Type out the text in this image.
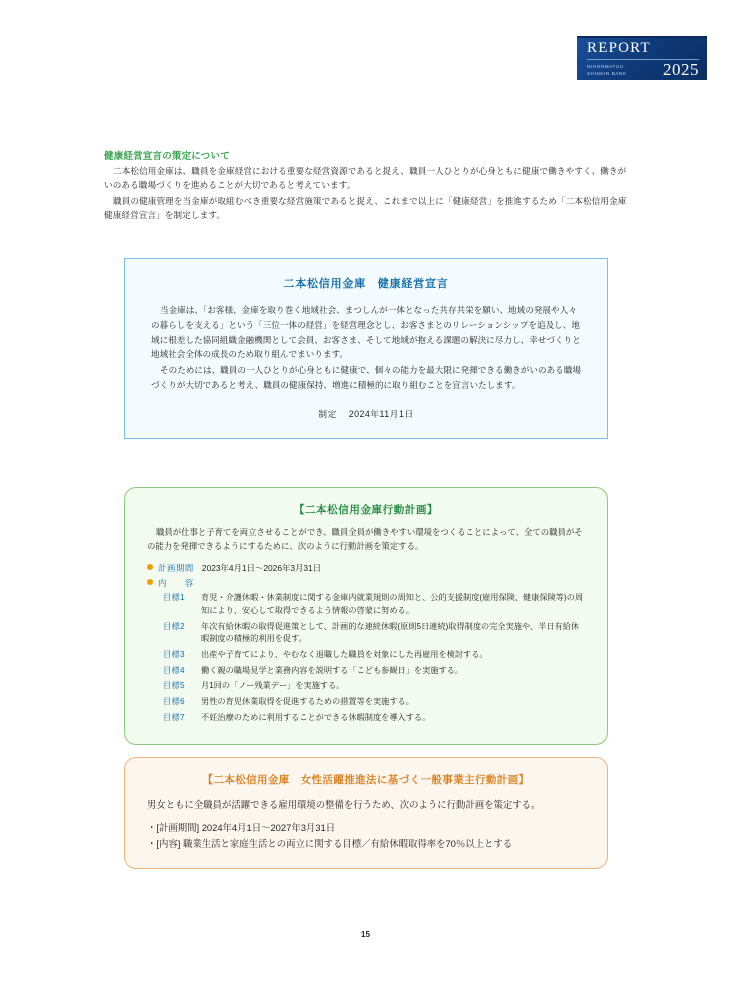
REPORT
NIHONMATSU
SHINKIN BANK 2025
健康経営宣言の策定について

二本松信用金庫は、職員を金庫経営における重要な経営資源であると捉え、職員一人ひとりが心身ともに健康で働きやすく、働きがいのある職場づくりを進めることが大切であると考えています。

職員の健康管理を当金庫が取組むべき重要な経営施策であると捉え、これまで以上に「健康経営」を推進するため「二本松信用金庫　健康経営宣言」を制定します。

二本松信用金庫　健康経営宣言

当金庫は、「お客様、金庫を取り巻く地域社会、まつしんが一体となった共存共栄を願い、地域の発展や人々の暮らしを支える」という「三位一体の経営」を経営理念とし、お客さまとのリレーションシップを追及し、地域に根差した協同組織金融機関として会員、お客さま、そして地域が抱える課題の解決に尽力し、幸せづくりと地域社会全体の成長のため取り組んでまいります。

そのためには、職員の一人ひとりが心身ともに健康で、個々の能力を最大限に発揮できる働きがいのある職場づくりが大切であると考え、職員の健康保持、増進に積極的に取り組むことを宣言いたします。

制定 2024年11月1日
【二本松信用金庫行動計画】

職員が仕事と子育てを両立させることができ、職員全員が働きやすい環境をつくることによって、全ての職員がその能力を発揮できるようにするために、次のように行動計画を策定する。

計画期間 2023年4月1日～2026年3月31日
内　　容
目標1	育児・介護休暇・休業制度に関する金庫内就業規則の周知と、公的支援制度(雇用保険、健康保険等)の周知により、安心して取得できるよう情報の啓蒙に努める。
目標2	年次有給休暇の取得促進策として、計画的な連続休暇(原則5日連続)取得制度の完全実施や、半日有給休暇制度の積極的利用を促す。
目標3	出産や子育てにより、やむなく退職した職員を対象にした再雇用を検討する。
目標4	働く親の職場見学と業務内容を説明する「こども参観日」を実施する。
目標5	月1回の「ノー残業デー」を実施する。
目標6	男性の育児休業取得を促進するための措置等を実施する。
目標7	不妊治療のために利用することができる休暇制度を導入する。
【二本松信用金庫　女性活躍推進法に基づく一般事業主行動計画】

男女ともに全職員が活躍できる雇用環境の整備を行うため、次のように行動計画を策定する。

・[計画期間] 2024年4月1日～2027年3月31日

・[内容] 職業生活と家庭生活との両立に関する目標／有給休暇取得率を70％以上とする

15
